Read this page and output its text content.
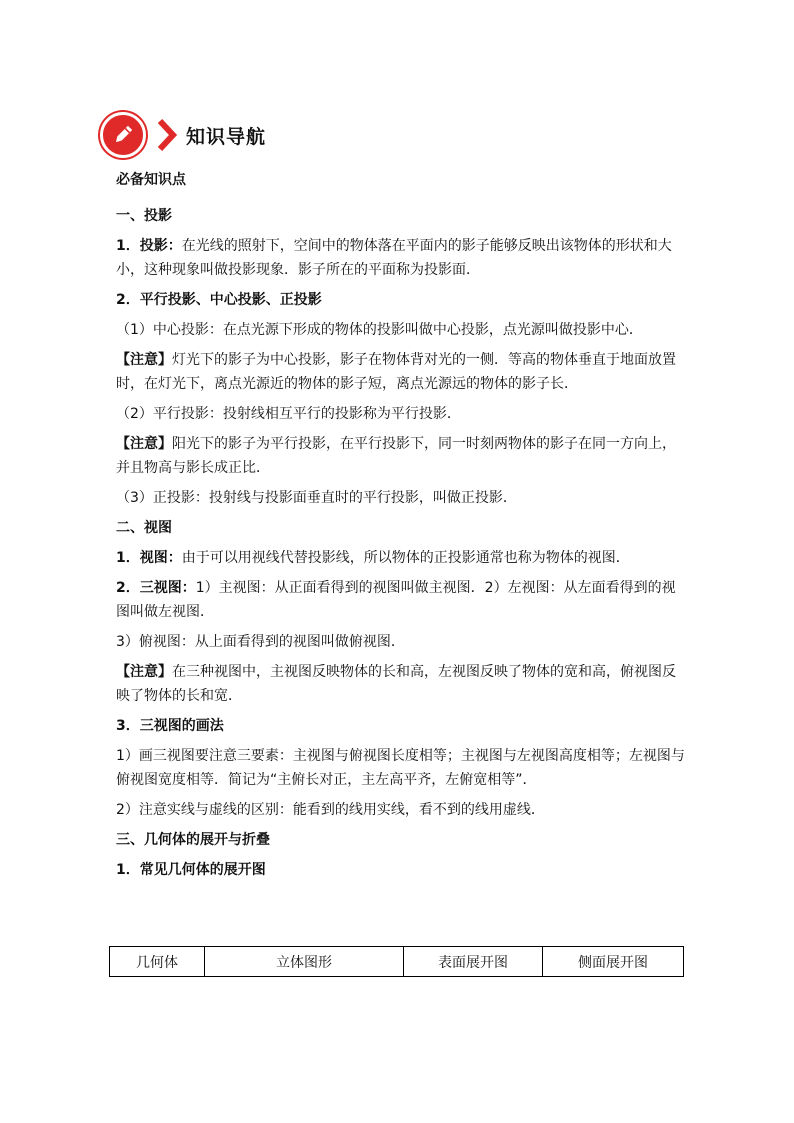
知识导航

必备知识点

一、投影

1．投影：在光线的照射下，空间中的物体落在平面内的影子能够反映出该物体的形状和大小，这种现象叫做投影现象．影子所在的平面称为投影面．

2．平行投影、中心投影、正投影

（1）中心投影：在点光源下形成的物体的投影叫做中心投影，点光源叫做投影中心．

【注意】灯光下的影子为中心投影，影子在物体背对光的一侧．等高的物体垂直于地面放置时，在灯光下，离点光源近的物体的影子短，离点光源远的物体的影子长．

（2）平行投影：投射线相互平行的投影称为平行投影．

【注意】阳光下的影子为平行投影，在平行投影下，同一时刻两物体的影子在同一方向上，并且物高与影长成正比．

（3）正投影：投射线与投影面垂直时的平行投影，叫做正投影．

二、视图

1．视图：由于可以用视线代替投影线，所以物体的正投影通常也称为物体的视图．

2．三视图：1）主视图：从正面看得到的视图叫做主视图．2）左视图：从左面看得到的视图叫做左视图．

3）俯视图：从上面看得到的视图叫做俯视图．

【注意】在三种视图中，主视图反映物体的长和高，左视图反映了物体的宽和高，俯视图反映了物体的长和宽．

3．三视图的画法

1）画三视图要注意三要素：主视图与俯视图长度相等；主视图与左视图高度相等；左视图与俯视图宽度相等．简记为“主俯长对正，主左高平齐，左俯宽相等”．

2）注意实线与虚线的区别：能看到的线用实线，看不到的线用虚线．

三、几何体的展开与折叠

1．常见几何体的展开图

几何体	立体图形	表面展开图	侧面展开图
